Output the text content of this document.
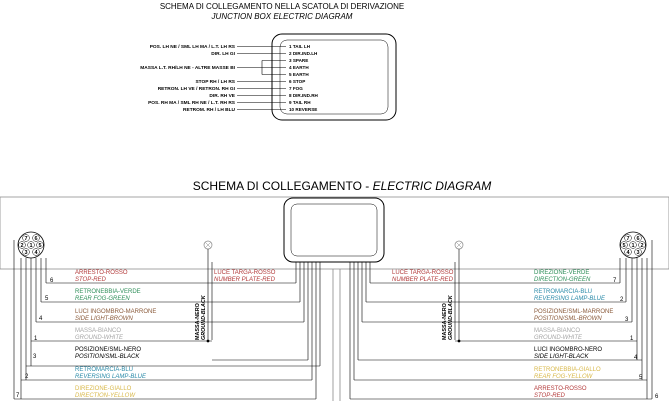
SCHEMA DI COLLEGAMENTO NELLA SCATOLA DI DERIVAZIONE
JUNCTION BOX ELECTRIC DIAGRAM
POS. LH NE / SML LH MA / L.T. LH RS
DIR. LH GI
MASSA L.T. RH/LH NE - ALTRE MASSE BI
STOP RH / LH RS
RETRON. LH VE / RETRON. RH GI
DIR. RH VE
POS. RH MA / SML RH NE / L.T. RH RS
RETROM. RH / LH BLU
1 TAIL LH
2 DIR.IND.LH
3 SPARE
4 EARTH
5 EARTH
6 STOP
7 FOG
8 DIR.IND.RH
9 TAIL RH
10 REVERSE
SCHEMA DI COLLEGAMENTO - ELECTRIC DIAGRAM
7 6
2 1 5
3 4
7 6
5 1 2
4 3
6
ARRESTO-ROSSO
STOP-RED
5
RETRONEBBIA-VERDE
REAR FOG-GREEN
4
LUCI INGOMBRO-MARRONE
SIDE LIGHT-BROWN
MASSA-BIANCO
GROUND-WHITE
1
3
POSIZIONE/SML-NERO
POSITION/SML-BLACK
2
RETROMARCIA-BLU
REVERSING LAMP-BLUE
7
DIREZIONE-GIALLO
DIRECTION-YELLOW
LUCE TARGA-ROSSO
NUMBER PLATE-RED
MASSA-NERO GROUND-BLACK
DIREZIONE-VERDE
DIRECTION-GREEN	7
RETROMARCIA-BLU
REVERSING LAMP-BLUE 2
POSIZIONE/SML-MARRONE
POSITION/SML-BROWN	3
MASSA-BIANCO
GROUND-WHITE	1
LUCI INGOMBRO-NERO
SIDE LIGHT-BLACK	4
RETRONEBBIA-GIALLO
REAR FOG-YELLOW	5
ARRESTO-ROSSO
STOP-RED	6
LUCE TARGA-ROSSO
NUMBER PLATE-RED
MASSA-NERO GROUND-BLACK
